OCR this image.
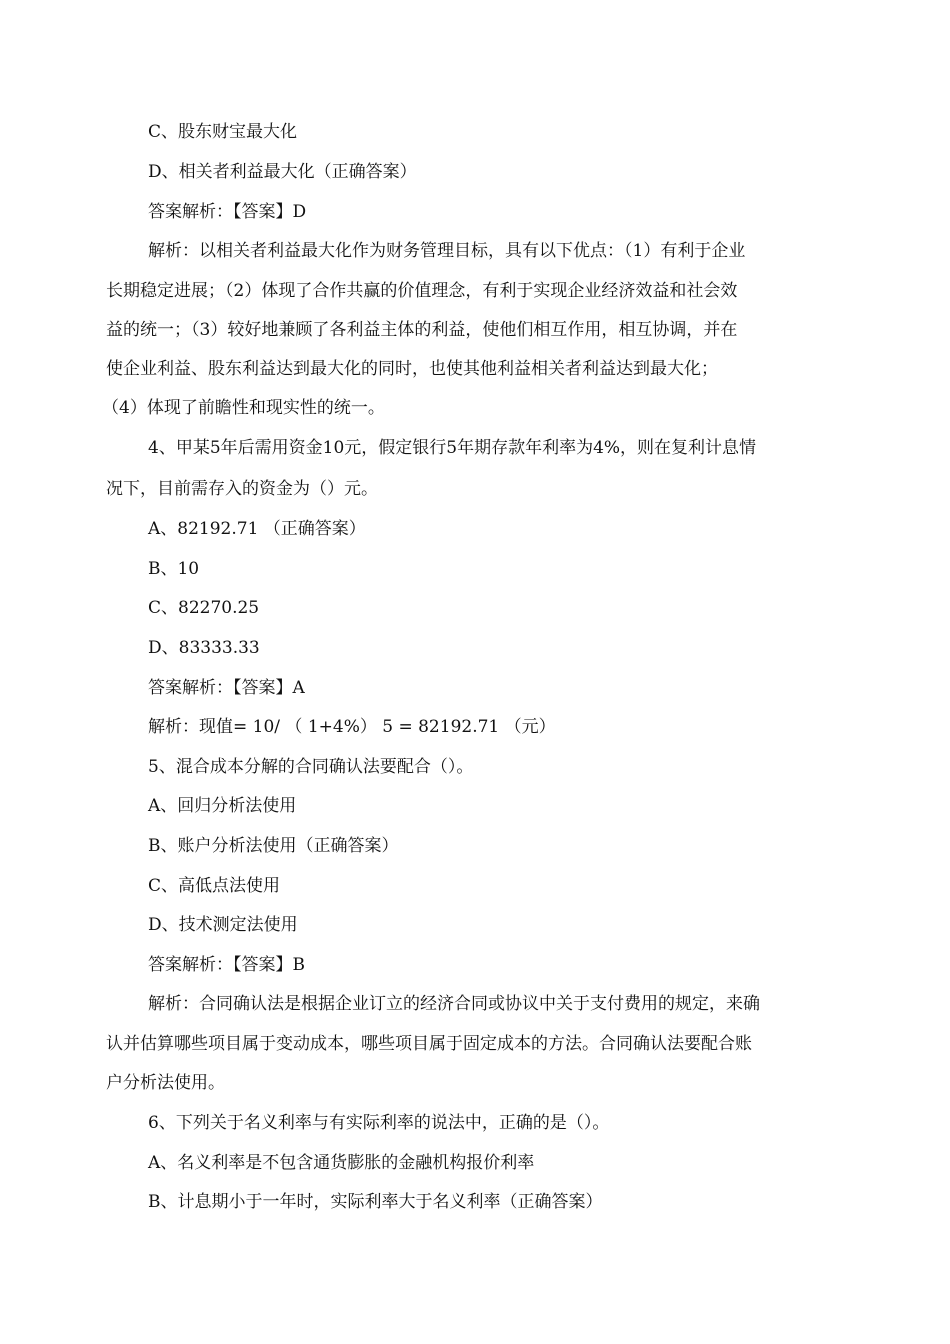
C、股东财宝最大化
D、相关者利益最大化（正确答案）
答案解析：【答案】D
解析：以相关者利益最大化作为财务管理目标，具有以下优点：（1）有利于企业
长期稳定进展；（2）体现了合作共赢的价值理念，有利于实现企业经济效益和社会效
益的统一；（3）较好地兼顾了各利益主体的利益，使他们相互作用，相互协调，并在
使企业利益、股东利益达到最大化的同时，也使其他利益相关者利益达到最大化；
（4）体现了前瞻性和现实性的统一。
4、甲某5年后需用资金10元，假定银行5年期存款年利率为4%，则在复利计息情
况下，目前需存入的资金为（）元。
A、82192.71 （正确答案）
B、10
C、82270.25
D、83333.33
答案解析：【答案】A
解析：现值= 10/ （ 1+4%） 5 = 82192.71 （元）
5、混合成本分解的合同确认法要配合（）。
A、回归分析法使用
B、账户分析法使用（正确答案）
C、高低点法使用
D、技术测定法使用
答案解析：【答案】B
解析：合同确认法是根据企业订立的经济合同或协议中关于支付费用的规定，来确
认并估算哪些项目属于变动成本，哪些项目属于固定成本的方法。合同确认法要配合账
户分析法使用。
6、下列关于名义利率与有实际利率的说法中，正确的是（）。
A、名义利率是不包含通货膨胀的金融机构报价利率
B、计息期小于一年时，实际利率大于名义利率（正确答案）
